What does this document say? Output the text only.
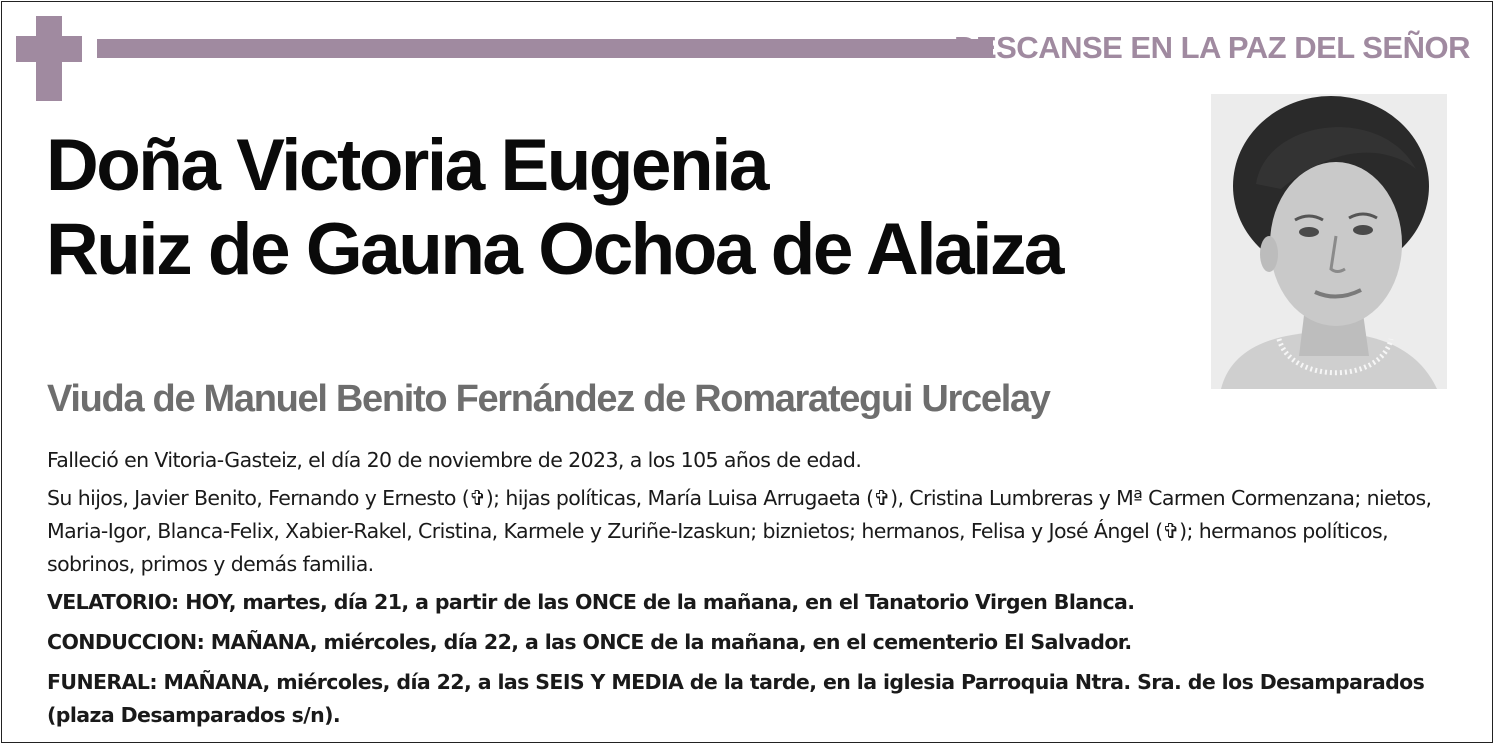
DESCANSE EN LA PAZ DEL SEÑOR
Doña Victoria Eugenia
Ruiz de Gauna Ochoa de Alaiza
Viuda de Manuel Benito Fernández de Romarategui Urcelay

Falleció en Vitoria-Gasteiz, el día 20 de noviembre de 2023, a los 105 años de edad.

Su hijos, Javier Benito, Fernando y Ernesto (✞); hijas políticas, María Luisa Arrugaeta (✞), Cristina Lumbreras y Mª Carmen Cormenzana; nietos, Maria-Igor, Blanca-Felix, Xabier-Rakel, Cristina, Karmele y Zuriñe-Izaskun; biznietos; hermanos, Felisa y José Ángel (✞); hermanos políticos, sobrinos, primos y demás familia.

VELATORIO: HOY, martes, día 21, a partir de las ONCE de la mañana, en el Tanatorio Virgen Blanca.

CONDUCCION: MAÑANA, miércoles, día 22, a las ONCE de la mañana, en el cementerio El Salvador.

FUNERAL: MAÑANA, miércoles, día 22, a las SEIS Y MEDIA de la tarde, en la iglesia Parroquia Ntra. Sra. de los Desamparados (plaza Desamparados s/n).
